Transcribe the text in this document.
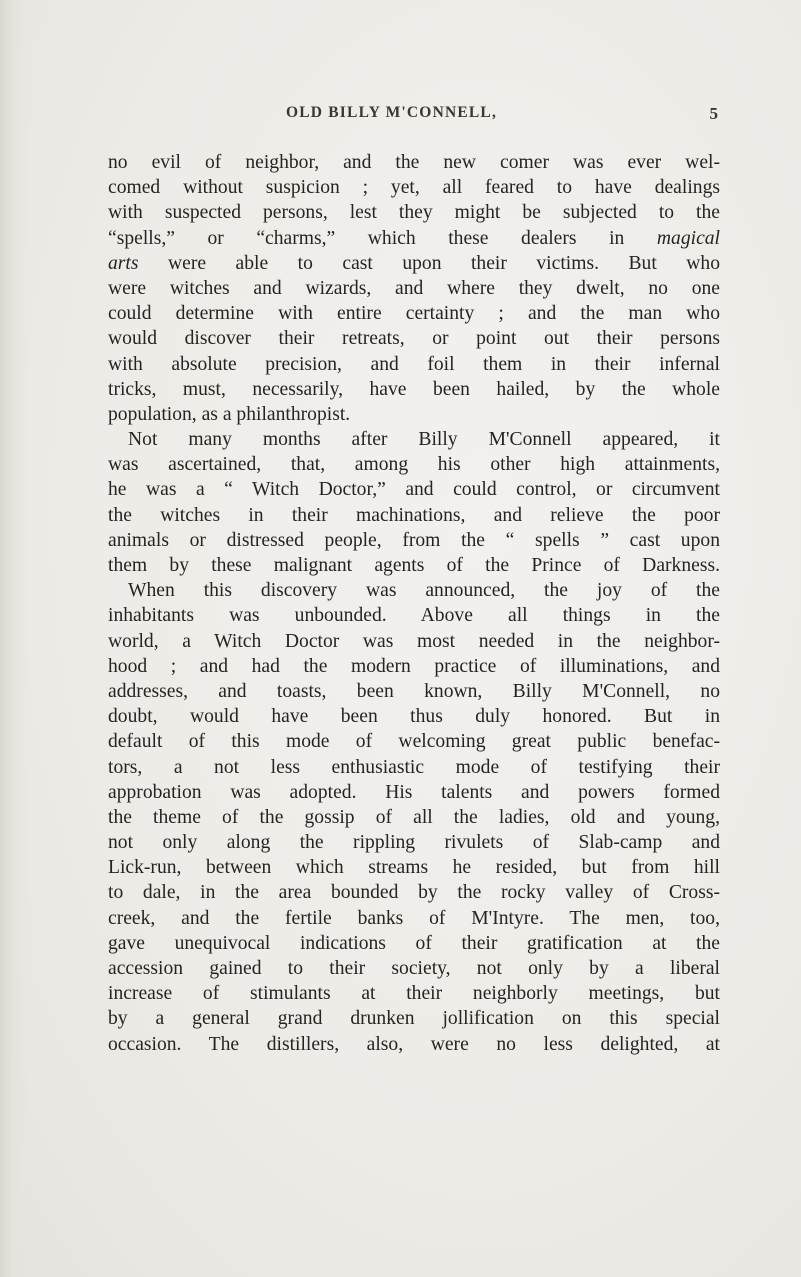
OLD BILLY M'CONNELL,	5
no evil of neighbor, and the new comer was ever wel-
comed without suspicion ; yet, all feared to have dealings
with suspected persons, lest they might be subjected to the
“spells,” or “charms,” which these dealers in magical
arts were able to cast upon their victims. But who
were witches and wizards, and where they dwelt, no one
could determine with entire certainty ; and the man who
would discover their retreats, or point out their persons
with absolute precision, and foil them in their infernal
tricks, must, necessarily, have been hailed, by the whole
population, as a philanthropist.
Not many months after Billy M'Connell appeared, it
was ascertained, that, among his other high attainments,
he was a “ Witch Doctor,” and could control, or circumvent
the witches in their machinations, and relieve the poor
animals or distressed people, from the “ spells ” cast upon
them by these malignant agents of the Prince of Darkness.
When this discovery was announced, the joy of the
inhabitants was unbounded. Above all things in the
world, a Witch Doctor was most needed in the neighbor-
hood ; and had the modern practice of illuminations, and
addresses, and toasts, been known, Billy M'Connell, no
doubt, would have been thus duly honored. But in
default of this mode of welcoming great public benefac-
tors, a not less enthusiastic mode of testifying their
approbation was adopted. His talents and powers formed
the theme of the gossip of all the ladies, old and young,
not only along the rippling rivulets of Slab-camp and
Lick-run, between which streams he resided, but from hill
to dale, in the area bounded by the rocky valley of Cross-
creek, and the fertile banks of M'Intyre. The men, too,
gave unequivocal indications of their gratification at the
accession gained to their society, not only by a liberal
increase of stimulants at their neighborly meetings, but
by a general grand drunken jollification on this special
occasion. The distillers, also, were no less delighted, at
